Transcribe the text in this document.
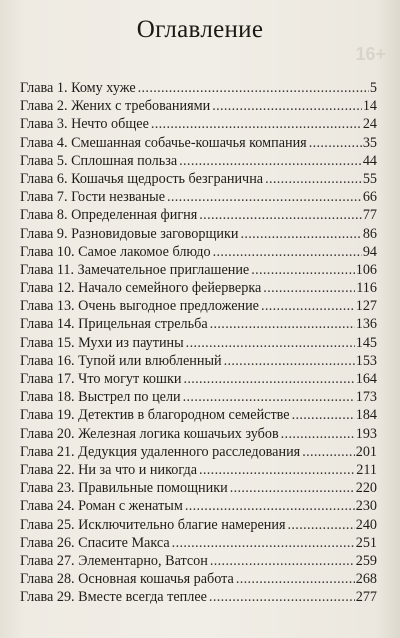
16+
Оглавление
Глава 1. Кому хуже . . .	5
Глава 2. Жених с требованиями . . .	14
Глава 3. Нечто общее . . .	24
Глава 4. Смешанная собачье-кошачья компания . . .	35
Глава 5. Сплошная польза . . .	44
Глава 6. Кошачья щедрость безгранична . . .	55
Глава 7. Гости незваные . . .	66
Глава 8. Определенная фигня . . .	77
Глава 9. Разновидовые заговорщики . . .	86
Глава 10. Самое лакомое блюдо . . .	94
Глава 11. Замечательное приглашение . . .	106
Глава 12. Начало семейного фейерверка . . .	116
Глава 13. Очень выгодное предложение . . .	127
Глава 14. Прицельная стрельба . . .	136
Глава 15. Мухи из паутины . . .	145
Глава 16. Тупой или влюбленный . . .	153
Глава 17. Что могут кошки . . .	164
Глава 18. Выстрел по цели . . .	173
Глава 19. Детектив в благородном семействе . . .	184
Глава 20. Железная логика кошачьих зубов . . .	193
Глава 21. Дедукция удаленного расследования . . .	201
Глава 22. Ни за что и никогда . . .	211
Глава 23. Правильные помощники . . .	220
Глава 24. Роман с женатым . . .	230
Глава 25. Исключительно благие намерения . . .	240
Глава 26. Спасите Макса . . .	251
Глава 27. Элементарно, Ватсон . . .	259
Глава 28. Основная кошачья работа . . .	268
Глава 29. Вместе всегда теплее . . .	277
